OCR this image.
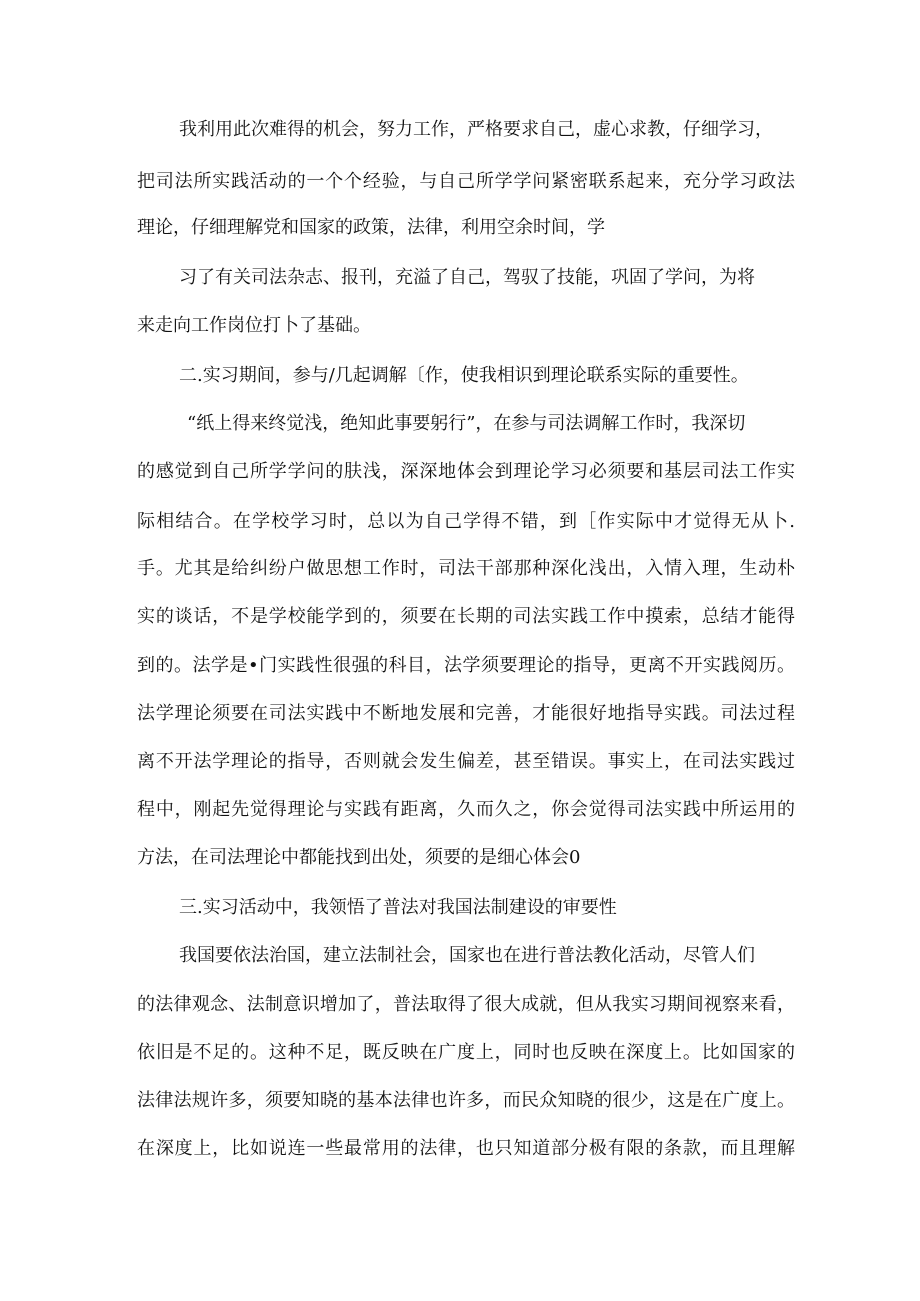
我利用此次难得的机会，努力工作，严格要求自己，虚心求教，仔细学习，
把司法所实践活动的一个个经验，与自己所学学问紧密联系起来，充分学习政法
理论，仔细理解党和国家的政策，法律，利用空余时间，学
习了有关司法杂志、报刊，充溢了自己，驾驭了技能，巩固了学问，为将
来走向工作岗位打卜了基础。
二.实习期间，参与/几起调解〔作，使我相识到理论联系实际的重要性。
“纸上得来终觉浅，绝知此事要躬行”，在参与司法调解工作时，我深切
的感觉到自己所学学问的肤浅，深深地体会到理论学习必须要和基层司法工作实
际相结合。在学校学习时，总以为自己学得不错，到［作实际中才觉得无从卜.
手。尤其是给纠纷户做思想工作时，司法干部那种深化浅出，入情入理，生动朴
实的谈话，不是学校能学到的，须要在长期的司法实践工作中摸索，总结才能得
到的。法学是•门实践性很强的科目，法学须要理论的指导，更离不开实践阅历。
法学理论须要在司法实践中不断地发展和完善，才能很好地指导实践。司法过程
离不开法学理论的指导，否则就会发生偏差，甚至错误。事实上，在司法实践过
程中，刚起先觉得理论与实践有距离，久而久之，你会觉得司法实践中所运用的
方法，在司法理论中都能找到出处，须要的是细心体会0
三.实习活动中，我领悟了普法对我国法制建设的审要性
我国要依法治国，建立法制社会，国家也在进行普法教化活动，尽管人们
的法律观念、法制意识增加了，普法取得了很大成就，但从我实习期间视察来看，
依旧是不足的。这种不足，既反映在广度上，同时也反映在深度上。比如国家的
法律法规许多，须要知晓的基本法律也许多，而民众知晓的很少，这是在广度上。
在深度上，比如说连一些最常用的法律，也只知道部分极有限的条款，而且理解
